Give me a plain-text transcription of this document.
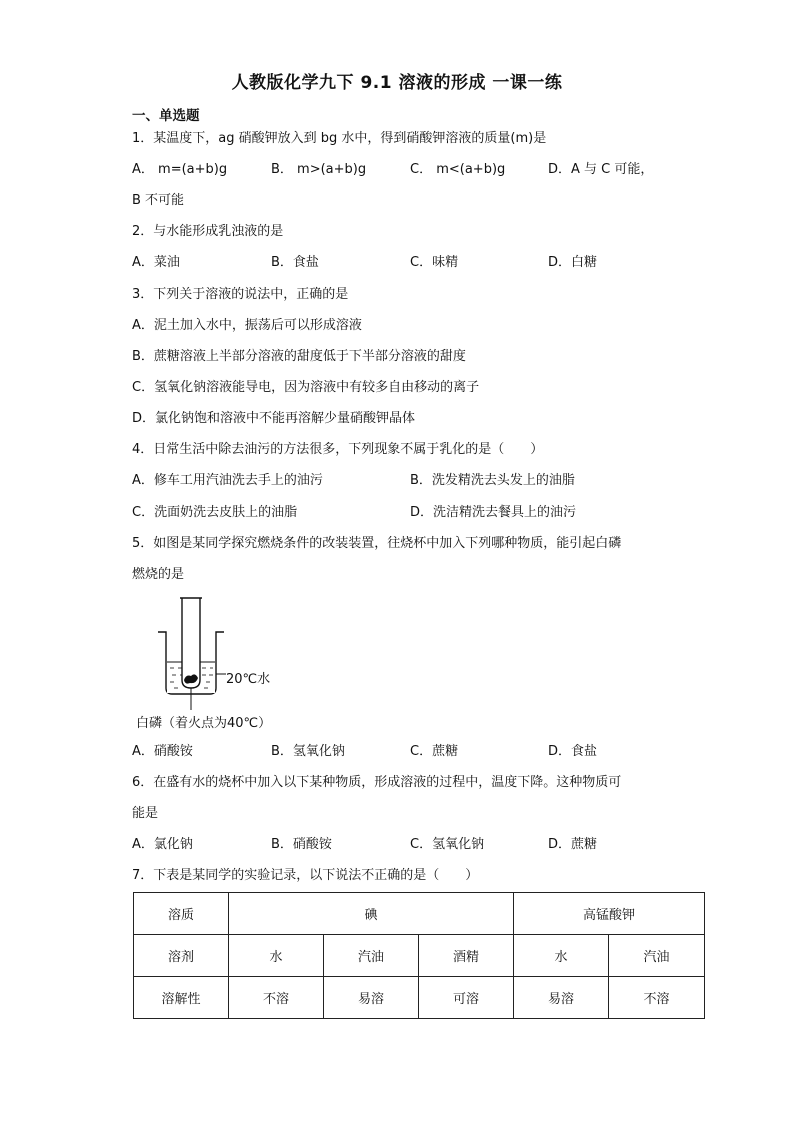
人教版化学九下 9.1 溶液的形成 一课一练
一、单选题
1．某温度下，ag 硝酸钾放入到 bg 水中，得到硝酸钾溶液的质量(m)是
A． m=(a+b)g	B． m>(a+b)g	C． m<(a+b)g	D．A 与 C 可能，
B 不可能
2．与水能形成乳浊液的是
A．菜油	B．食盐	C．味精	D．白糖
3．下列关于溶液的说法中，正确的是
A．泥土加入水中，振荡后可以形成溶液
B．蔗糖溶液上半部分溶液的甜度低于下半部分溶液的甜度
C．氢氧化钠溶液能导电，因为溶液中有较多自由移动的离子
D．氯化钠饱和溶液中不能再溶解少量硝酸钾晶体
4．日常生活中除去油污的方法很多，下列现象不属于乳化的是（　　）
A．修车工用汽油洗去手上的油污	B．洗发精洗去头发上的油脂
C．洗面奶洗去皮肤上的油脂	D．洗洁精洗去餐具上的油污
5．如图是某同学探究燃烧条件的改装装置，往烧杯中加入下列哪种物质，能引起白磷
燃烧的是
20℃水
白磷（着火点为40℃）
A．硝酸铵	B．氢氧化钠	C．蔗糖	D．食盐
6．在盛有水的烧杯中加入以下某种物质，形成溶液的过程中，温度下降。这种物质可
能是
A．氯化钠	B．硝酸铵	C．氢氧化钠	D．蔗糖
7．下表是某同学的实验记录，以下说法不正确的是（　　）
溶质	碘			高锰酸钾	
溶剂	水	汽油	酒精	水	汽油
溶解性	不溶	易溶	可溶	易溶	不溶
